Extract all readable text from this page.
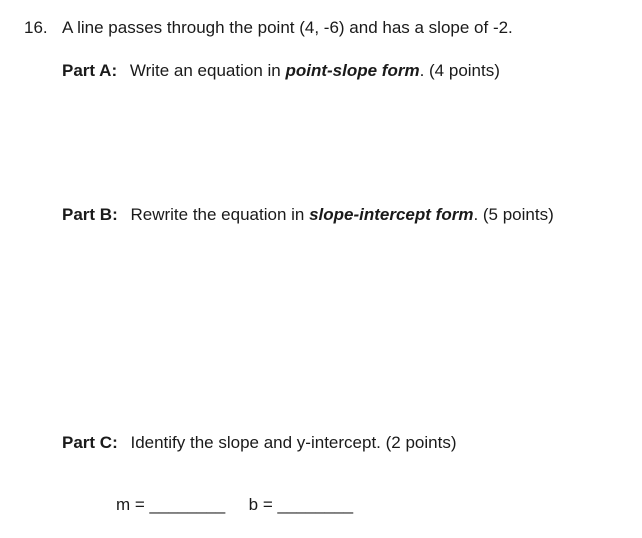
16. A line passes through the point (4, -6) and has a slope of -2.
Part A: Write an equation in point-slope form. (4 points)
Part B: Rewrite the equation in slope-intercept form. (5 points)
Part C: Identify the slope and y-intercept. (2 points)
m = ________ b = ________
